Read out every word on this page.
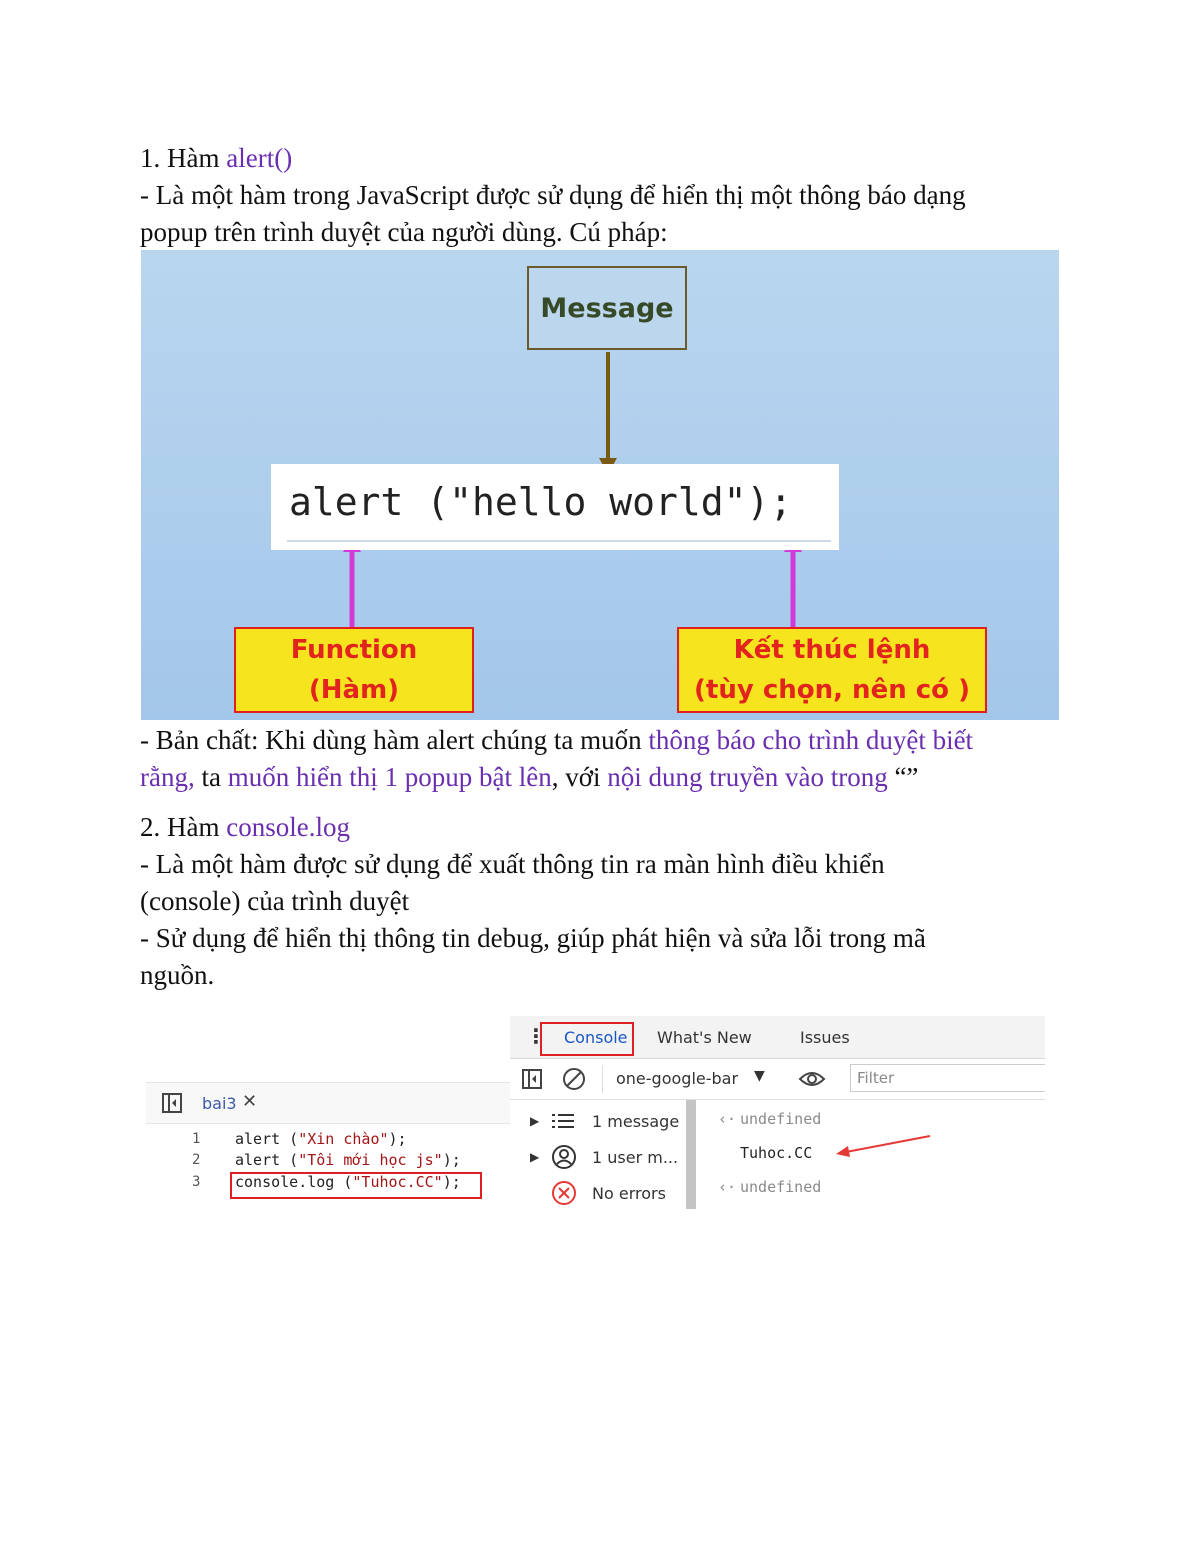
1. Hàm alert()
- Là một hàm trong JavaScript được sử dụng để hiển thị một thông báo dạng
popup trên trình duyệt của người dùng. Cú pháp:
Message
alert ("hello world");
Function
(Hàm)
Kết thúc lệnh
(tùy chọn, nên có )
- Bản chất: Khi dùng hàm alert chúng ta muốn thông báo cho trình duyệt biết
rằng, ta muốn hiển thị 1 popup bật lên, với nội dung truyền vào trong “”
2. Hàm console.log
- Là một hàm được sử dụng để xuất thông tin ra màn hình điều khiển
(console) của trình duyệt
- Sử dụng để hiển thị thông tin debug, giúp phát hiện và sửa lỗi trong mã
nguồn.
bai3 ✕
1 alert ("Xin chào");
2 alert ("Tôi mới học js");
3 console.log ("Tuhoc.CC");
⋮ Console What's New	Issues
one-google-bar ▼	Filter
▶	1 message
▶	1 user m...
No errors
‹· undefined
Tuhoc.CC
‹· undefined
